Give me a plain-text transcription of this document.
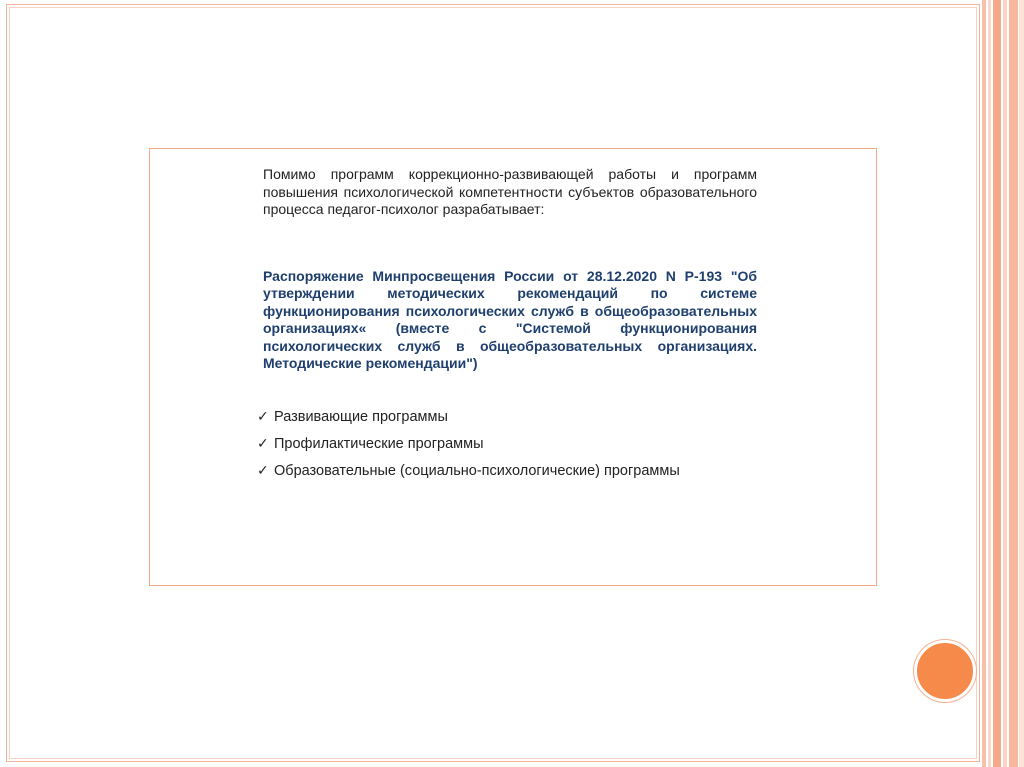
Помимо программ коррекционно-развивающей работы и программ повышения психологической компетентности субъектов образовательного процесса педагог-психолог разрабатывает:

Распоряжение Минпросвещения России от 28.12.2020 N Р-193 "Об утверждении методических рекомендаций по системе функционирования психологических служб в общеобразовательных организациях« (вместе с "Системой функционирования психологических служб в общеобразовательных организациях. Методические рекомендации")

✓ Развивающие программы
✓ Профилактические программы
✓ Образовательные (социально-психологические) программы
